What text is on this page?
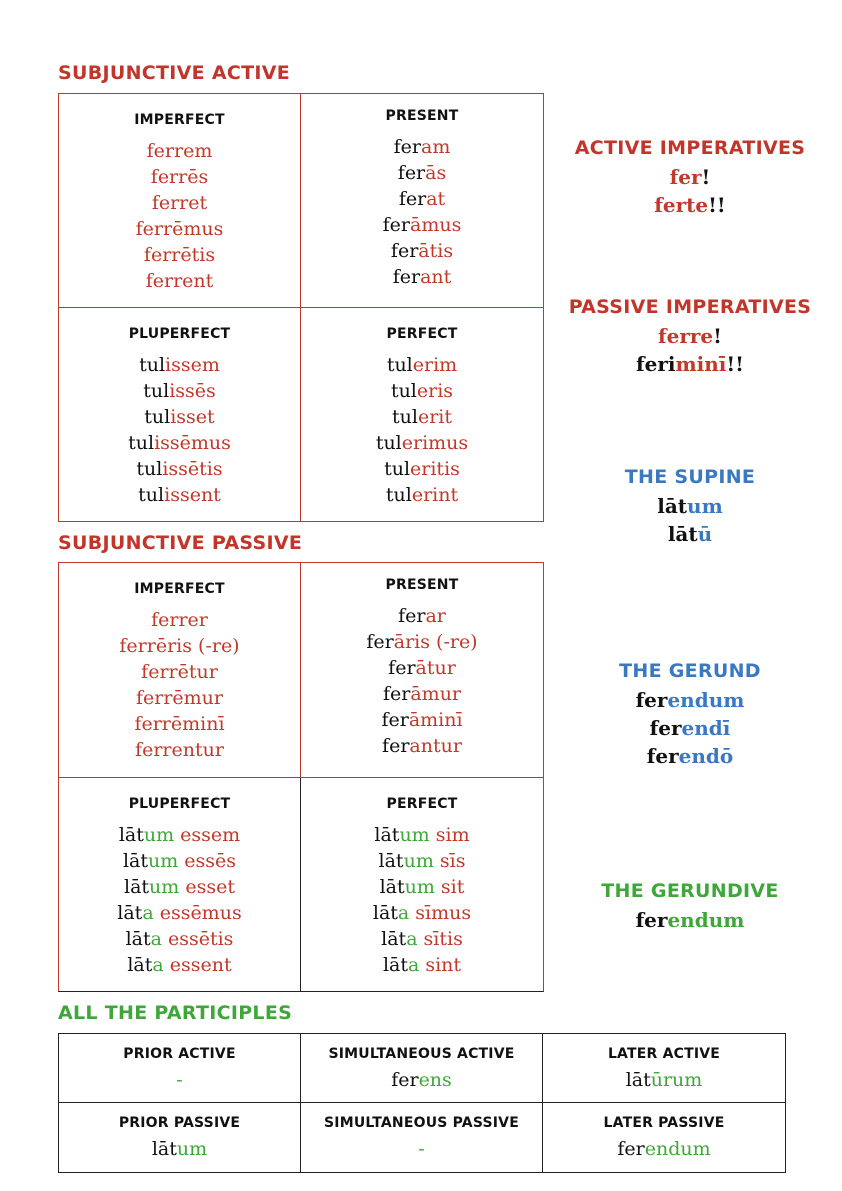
SUBJUNCTIVE ACTIVE
IMPERFECT
ferrem
ferrēs
ferret
ferrēmus
ferrētis
ferrent
PRESENT
feram
ferās
ferat
ferāmus
ferātis
ferant
PLUPERFECT
tulissem
tulissēs
tulisset
tulissēmus
tulissētis
tulissent
PERFECT
tulerim
tuleris
tulerit
tulerimus
tuleritis
tulerint
SUBJUNCTIVE PASSIVE
IMPERFECT
ferrer
ferrēris (-re)
ferrētur
ferrēmur
ferrēminī
ferrentur
PRESENT
ferar
ferāris (-re)
ferātur
ferāmur
ferāminī
ferantur
PLUPERFECT
lātum essem
lātum essēs
lātum esset
lāta essēmus
lāta essētis
lāta essent
PERFECT
lātum sim
lātum sīs
lātum sit
lāta sīmus
lāta sītis
lāta sint
ACTIVE IMPERATIVES
fer!
ferte!!
PASSIVE IMPERATIVES
ferre!
feriminī!!
THE SUPINE
lātum
lātū
THE GERUND
ferendum
ferendī
ferendō
THE GERUNDIVE
ferendum
ALL THE PARTICIPLES
PRIOR ACTIVE
-
SIMULTANEOUS ACTIVE
ferens
LATER ACTIVE
lātūrum
PRIOR PASSIVE
lātum
SIMULTANEOUS PASSIVE
-
LATER PASSIVE
ferendum
